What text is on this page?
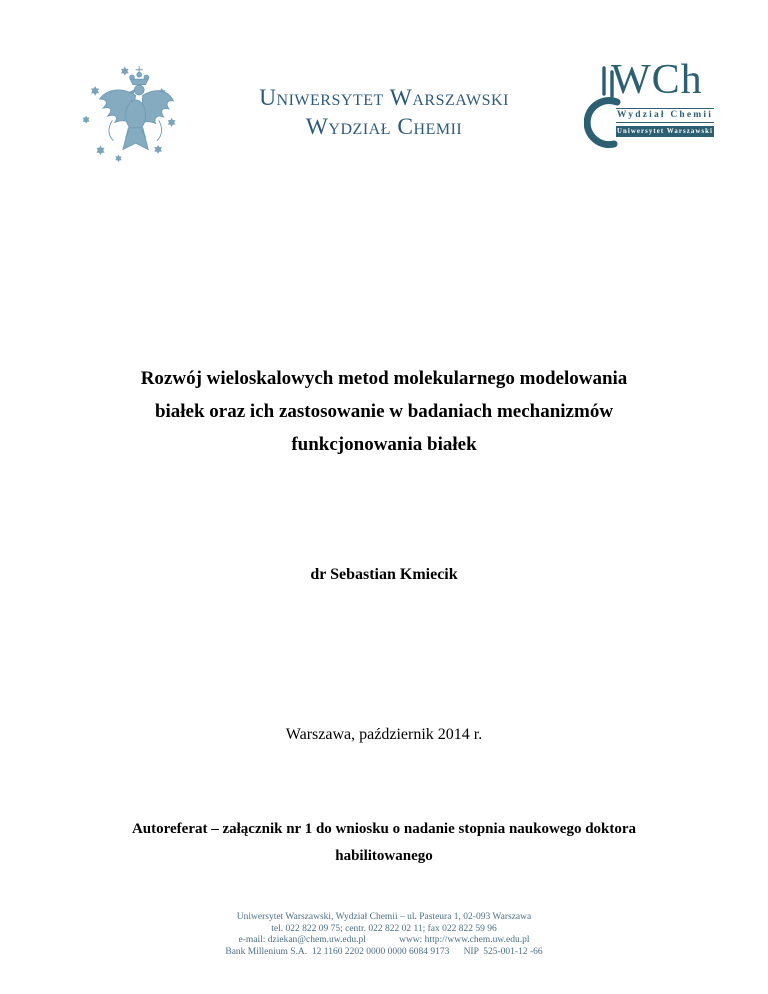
Uniwersytet Warszawski
Wydział Chemii
WCh
Wydział Chemii
Uniwersytet Warszawski
Rozwój wieloskalowych metod molekularnego modelowania
białek oraz ich zastosowanie w badaniach mechanizmów
funkcjonowania białek
dr Sebastian Kmiecik
Warszawa, październik 2014 r.
Autoreferat – załącznik nr 1 do wniosku o nadanie stopnia naukowego doktora
habilitowanego
Uniwersytet Warszawski, Wydział Chemii – ul. Pasteura 1, 02-093 Warszawa
tel. 022 822 09 75; centr. 022 822 02 11; fax 022 822 59 96
e-mail: dziekan@chem.uw.edu.pl              www: http://www.chem.uw.edu.pl
Bank Millenium S.A.  12 1160 2202 0000 0000 6084 9173      NIP  525-001-12 -66
